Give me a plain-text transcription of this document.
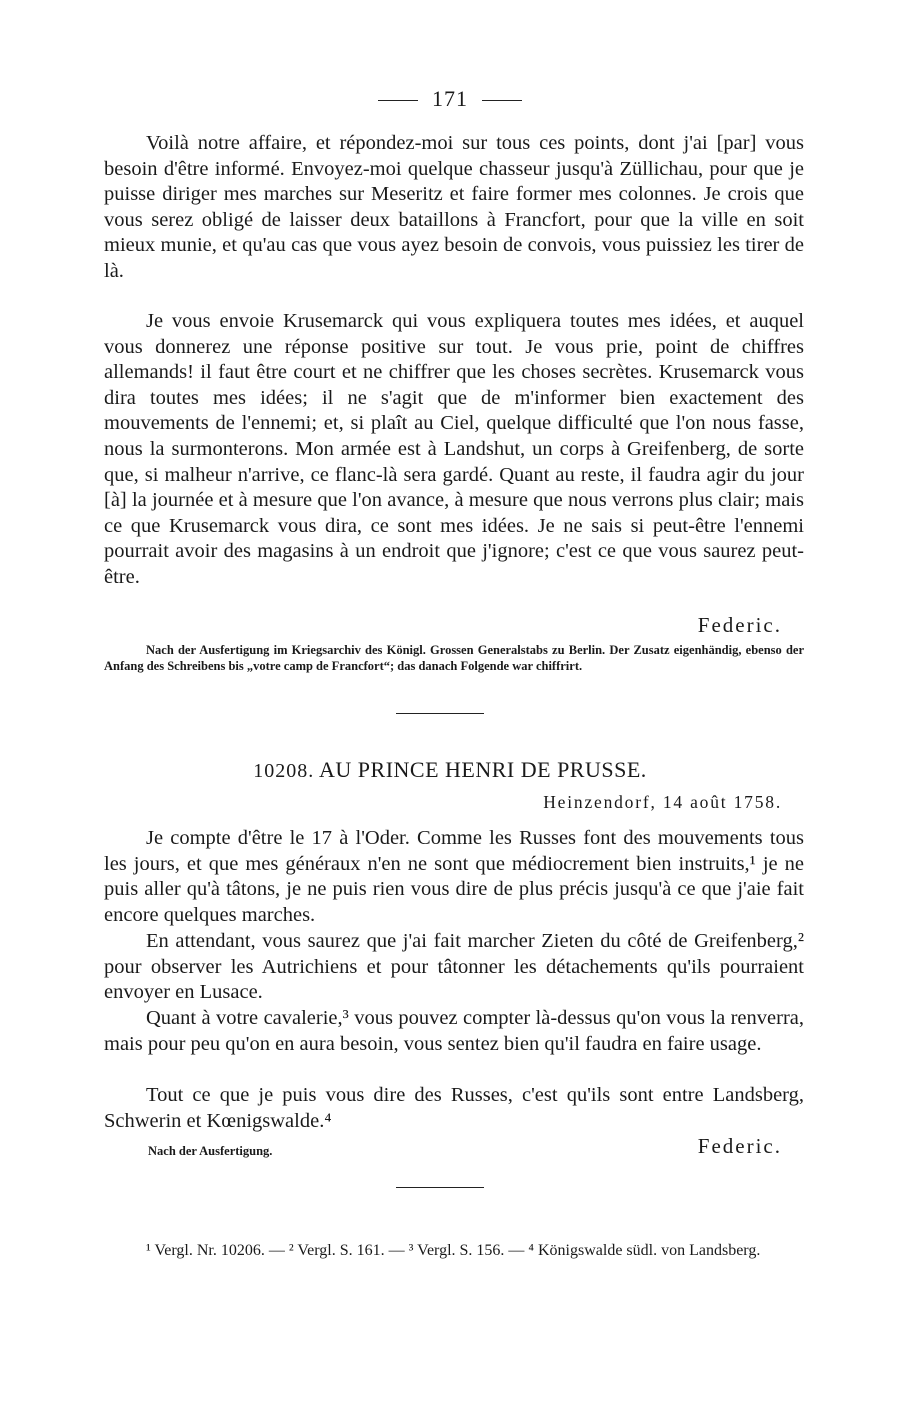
171

Voilà notre affaire, et répondez-moi sur tous ces points, dont j'ai [par] vous besoin d'être informé. Envoyez-moi quelque chasseur jusqu'à Züllichau, pour que je puisse diriger mes marches sur Meseritz et faire former mes colonnes. Je crois que vous serez obligé de laisser deux bataillons à Francfort, pour que la ville en soit mieux munie, et qu'au cas que vous ayez besoin de convois, vous puissiez les tirer de là.

Je vous envoie Krusemarck qui vous expliquera toutes mes idées, et auquel vous donnerez une réponse positive sur tout. Je vous prie, point de chiffres allemands! il faut être court et ne chiffrer que les choses secrètes. Krusemarck vous dira toutes mes idées; il ne s'agit que de m'informer bien exactement des mouvements de l'ennemi; et, si plaît au Ciel, quelque difficulté que l'on nous fasse, nous la surmonterons. Mon armée est à Landshut, un corps à Greifenberg, de sorte que, si malheur n'arrive, ce flanc-là sera gardé. Quant au reste, il faudra agir du jour [à] la journée et à mesure que l'on avance, à mesure que nous verrons plus clair; mais ce que Krusemarck vous dira, ce sont mes idées. Je ne sais si peut-être l'ennemi pourrait avoir des magasins à un endroit que j'ignore; c'est ce que vous saurez peut-être.

Federic.

Nach der Ausfertigung im Kriegsarchiv des Königl. Grossen Generalstabs zu Berlin. Der Zusatz eigenhändig, ebenso der Anfang des Schreibens bis „votre camp de Francfort“; das danach Folgende war chiffrirt.

10208. AU PRINCE HENRI DE PRUSSE.
Heinzendorf, 14 août 1758.

Je compte d'être le 17 à l'Oder. Comme les Russes font des mouvements tous les jours, et que mes généraux n'en ne sont que médiocrement bien instruits,¹ je ne puis aller qu'à tâtons, je ne puis rien vous dire de plus précis jusqu'à ce que j'aie fait encore quelques marches.

En attendant, vous saurez que j'ai fait marcher Zieten du côté de Greifenberg,² pour observer les Autrichiens et pour tâtonner les détachements qu'ils pourraient envoyer en Lusace.

Quant à votre cavalerie,³ vous pouvez compter là-dessus qu'on vous la renverra, mais pour peu qu'on en aura besoin, vous sentez bien qu'il faudra en faire usage.

Tout ce que je puis vous dire des Russes, c'est qu'ils sont entre Landsberg, Schwerin et Kœnigswalde.⁴

Nach der Ausfertigung.	Federic.

¹ Vergl. Nr. 10206. — ² Vergl. S. 161. — ³ Vergl. S. 156. — ⁴ Königswalde südl. von Landsberg.
